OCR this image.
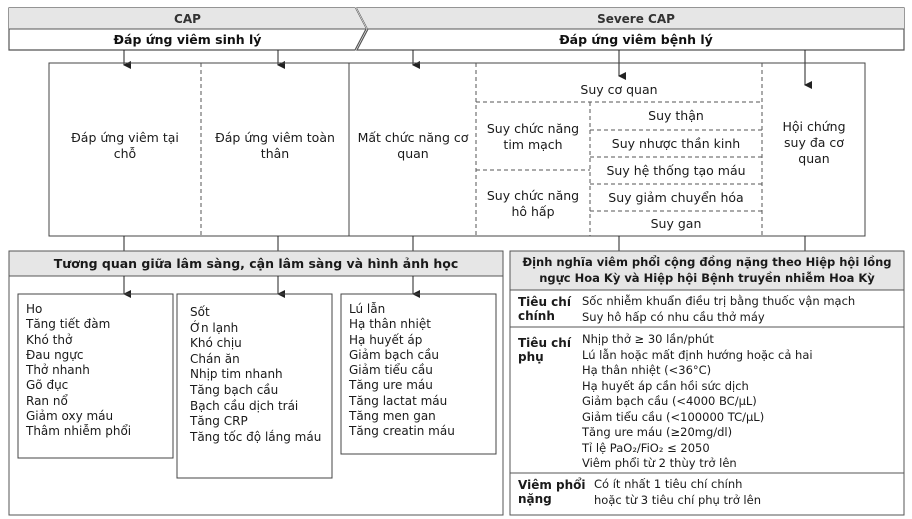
CAP
Đáp ứng viêm sinh lý
Severe CAP
Đáp ứng viêm bệnh lý
Đáp ứng viêm tại chỗ
Đáp ứng viêm toàn thân
Mất chức năng cơ quan
Suy cơ quan
Suy chức năng tim mạch
Suy chức năng hô hấp
Suy thận
Suy nhược thần kinh
Suy hệ thống tạo máu
Suy giảm chuyển hóa
Suy gan
Hội chứng suy đa cơ quan
Tương quan giữa lâm sàng, cận lâm sàng và hình ảnh học
Ho
Tăng tiết đàm
Khó thở
Đau ngực
Thở nhanh
Gõ đục
Ran nổ
Giảm oxy máu
Thâm nhiễm phổi
Sốt
Ớn lạnh
Khó chịu
Chán ăn
Nhịp tim nhanh
Tăng bạch cầu
Bạch cầu dịch trái
Tăng CRP
Tăng tốc độ lắng máu
Lú lẫn
Hạ thân nhiệt
Hạ huyết áp
Giảm bạch cầu
Giảm tiểu cầu
Tăng ure máu
Tăng lactat máu
Tăng men gan
Tăng creatin máu
Định nghĩa viêm phổi cộng đồng nặng theo Hiệp hội lồng
ngực Hoa Kỳ và Hiệp hội Bệnh truyền nhiễm Hoa Kỳ
Tiêu chí
chính
Sốc nhiễm khuẩn điều trị bằng thuốc vận mạch
Suy hô hấp có nhu cầu thở máy
Tiêu chí
phụ
Nhịp thở ≥ 30 lần/phút
Lú lẫn hoặc mất định hướng hoặc cả hai
Hạ thân nhiệt (<36°C)
Hạ huyết áp cần hồi sức dịch
Giảm bạch cầu (<4000 BC/µL)
Giảm tiểu cầu (<100000 TC/µL)
Tăng ure máu (≥20mg/dl)
Tỉ lệ PaO₂/FiO₂ ≤ 2050
Viêm phổi từ 2 thùy trở lên
Viêm phổi
nặng
Có ít nhất 1 tiêu chí chính
hoặc từ 3 tiêu chí phụ trở lên
